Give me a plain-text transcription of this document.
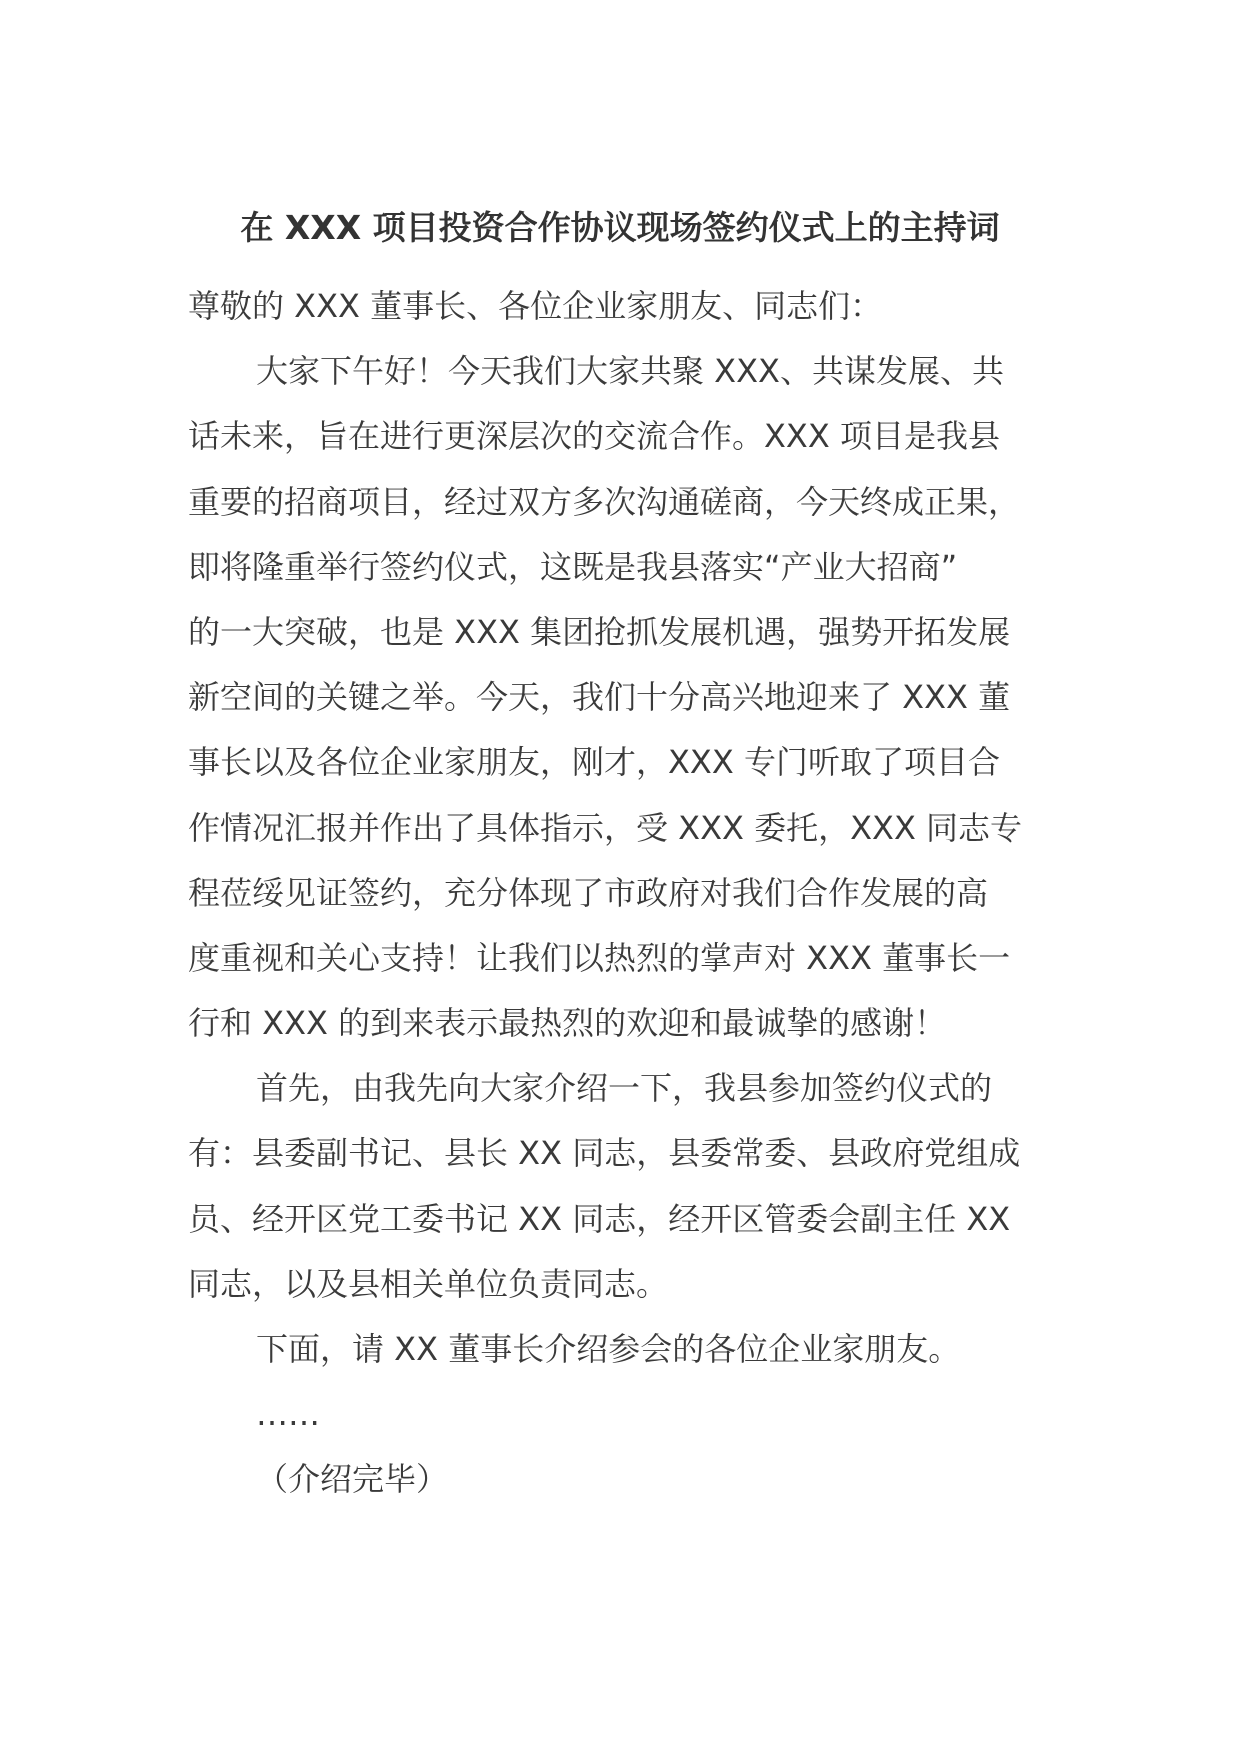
在 XXX 项目投资合作协议现场签约仪式上的主持词
尊敬的 XXX 董事长、各位企业家朋友、同志们：
大家下午好！今天我们大家共聚 XXX、共谋发展、共
话未来，旨在进行更深层次的交流合作。XXX 项目是我县
重要的招商项目，经过双方多次沟通磋商，今天终成正果，
即将隆重举行签约仪式，这既是我县落实“产业大招商”
的一大突破，也是 XXX 集团抢抓发展机遇，强势开拓发展
新空间的关键之举。今天，我们十分高兴地迎来了 XXX 董
事长以及各位企业家朋友，刚才，XXX 专门听取了项目合
作情况汇报并作出了具体指示，受 XXX 委托，XXX 同志专
程莅绥见证签约，充分体现了市政府对我们合作发展的高
度重视和关心支持！让我们以热烈的掌声对 XXX 董事长一
行和 XXX 的到来表示最热烈的欢迎和最诚挚的感谢！
首先，由我先向大家介绍一下，我县参加签约仪式的
有：县委副书记、县长 XX 同志，县委常委、县政府党组成
员、经开区党工委书记 XX 同志，经开区管委会副主任 XX
同志，以及县相关单位负责同志。
下面，请 XX 董事长介绍参会的各位企业家朋友。
……
（介绍完毕）
